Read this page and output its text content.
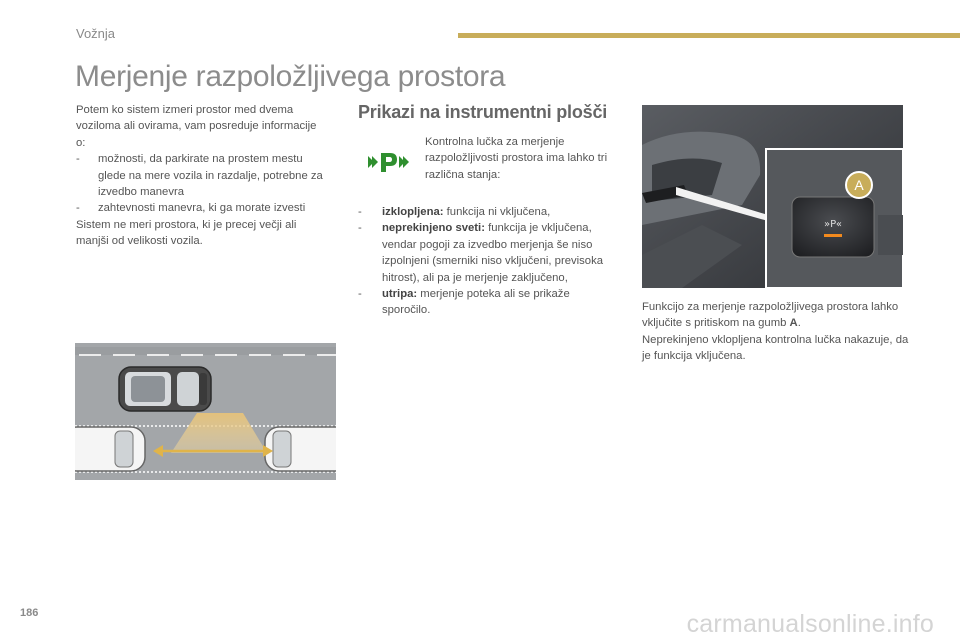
Vožnja
Merjenje razpoložljivega prostora

Potem ko sistem izmeri prostor med dvema voziloma ali ovirama, vam posreduje informacije o:

- možnosti, da parkirate na prostem mestu glede na mere vozila in razdalje, potrebne za izvedbo manevra

- zahtevnosti manevra, ki ga morate izvesti

Sistem ne meri prostora, ki je precej večji ali manjši od velikosti vozila.

Prikazi na instrumentni plošči
Kontrolna lučka za merjenje razpoložljivosti prostora ima lahko tri različna stanja:
- izklopljena: funkcija ni vključena,
- neprekinjeno sveti: funkcija je vključena, vendar pogoji za izvedbo merjenja še niso izpolnjeni (smerniki niso vključeni, previsoka hitrost), ali pa je merjenje zaključeno,
- utripa: merjenje poteka ali se prikaže sporočilo.
»P«
A

Funkcijo za merjenje razpoložljivega prostora lahko vključite s pritiskom na gumb A.

Neprekinjeno vklopljena kontrolna lučka nakazuje, da je funkcija vključena.

186	carmanualsonline.info
